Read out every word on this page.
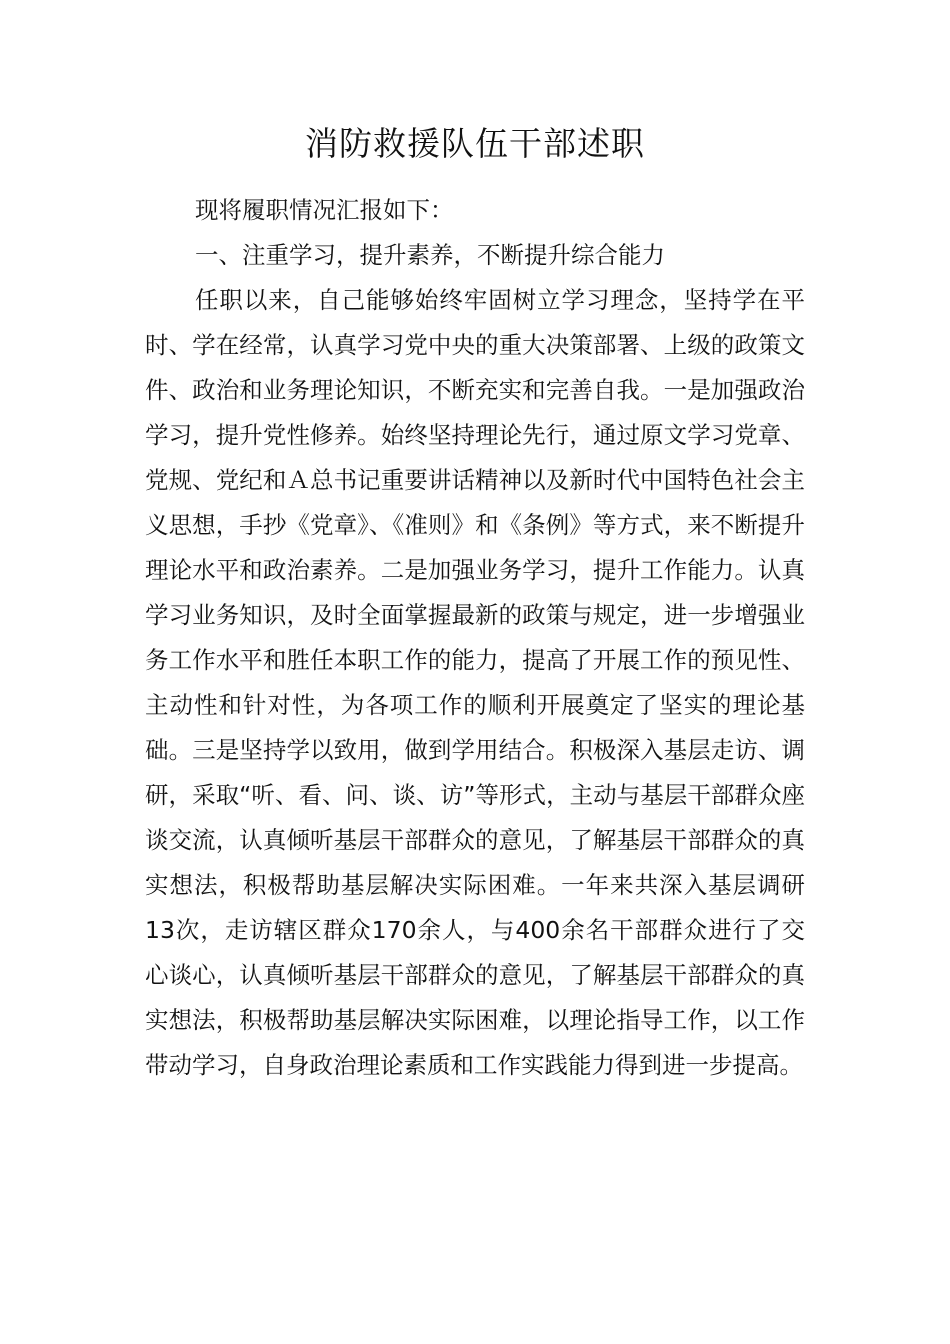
消防救援队伍干部述职

现将履职情况汇报如下：

一、注重学习，提升素养，不断提升综合能力

任职以来，自己能够始终牢固树立学习理念，坚持学在平时、学在经常，认真学习党中央的重大决策部署、上级的政策文件、政治和业务理论知识，不断充实和完善自我。一是加强政治学习，提升党性修养。始终坚持理论先行，通过原文学习党章、党规、党纪和Ａ总书记重要讲话精神以及新时代中国特色社会主义思想，手抄《党章》、《准则》和《条例》等方式，来不断提升理论水平和政治素养。二是加强业务学习，提升工作能力。认真学习业务知识，及时全面掌握最新的政策与规定，进一步增强业务工作水平和胜任本职工作的能力，提高了开展工作的预见性、主动性和针对性，为各项工作的顺利开展奠定了坚实的理论基础。三是坚持学以致用，做到学用结合。积极深入基层走访、调研，采取“听、看、问、谈、访”等形式，主动与基层干部群众座谈交流，认真倾听基层干部群众的意见，了解基层干部群众的真实想法，积极帮助基层解决实际困难。一年来共深入基层调研13次，走访辖区群众170余人，与400余名干部群众进行了交心谈心，认真倾听基层干部群众的意见，了解基层干部群众的真实想法，积极帮助基层解决实际困难，以理论指导工作，以工作带动学习，自身政治理论素质和工作实践能力得到进一步提高。
